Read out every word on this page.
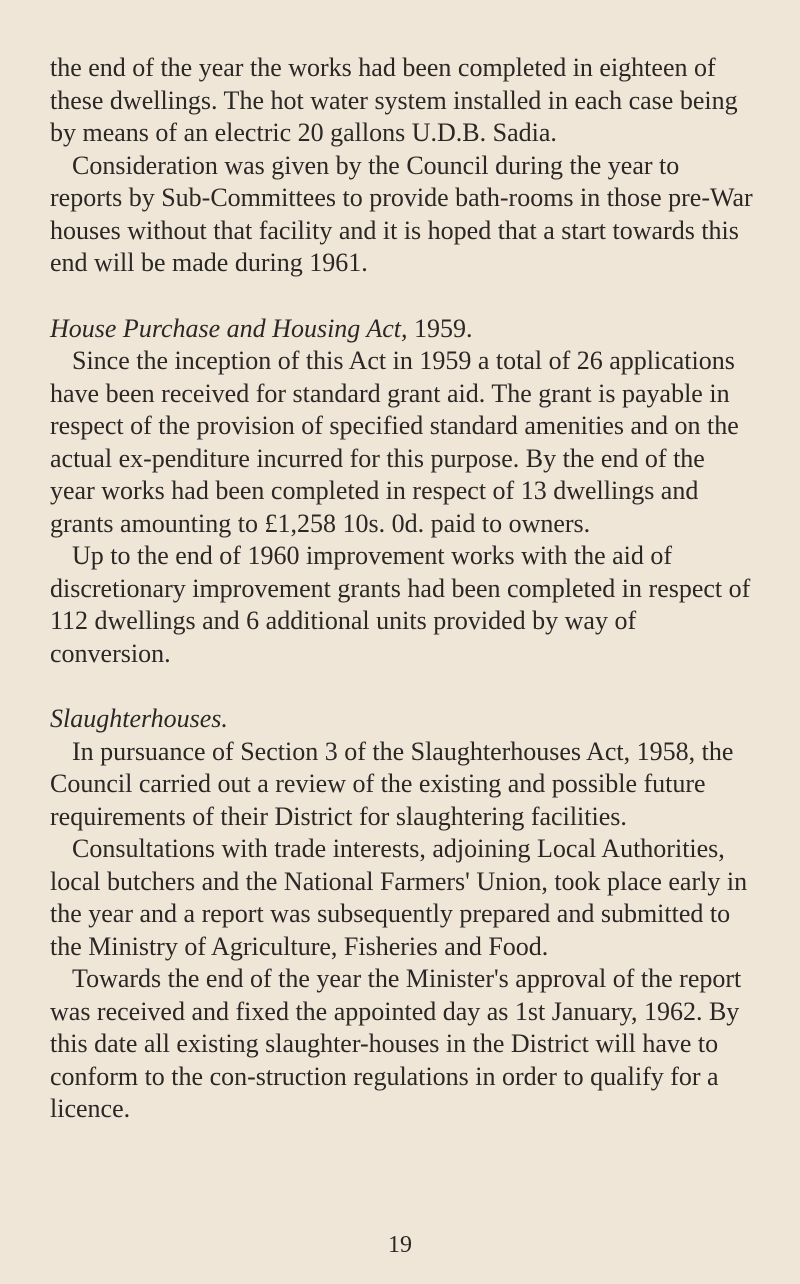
the end of the year the works had been completed in eighteen of these dwellings. The hot water system installed in each case being by means of an electric 20 gallons U.D.B. Sadia.

Consideration was given by the Council during the year to reports by Sub-Committees to provide bath-rooms in those pre-War houses without that facility and it is hoped that a start towards this end will be made during 1961.

House Purchase and Housing Act, 1959.

Since the inception of this Act in 1959 a total of 26 applications have been received for standard grant aid. The grant is payable in respect of the provision of specified standard amenities and on the actual ex-penditure incurred for this purpose. By the end of the year works had been completed in respect of 13 dwellings and grants amounting to £1,258 10s. 0d. paid to owners.

Up to the end of 1960 improvement works with the aid of discretionary improvement grants had been completed in respect of 112 dwellings and 6 additional units provided by way of conversion.

Slaughterhouses.

In pursuance of Section 3 of the Slaughterhouses Act, 1958, the Council carried out a review of the existing and possible future requirements of their District for slaughtering facilities.

Consultations with trade interests, adjoining Local Authorities, local butchers and the National Farmers' Union, took place early in the year and a report was subsequently prepared and submitted to the Ministry of Agriculture, Fisheries and Food.

Towards the end of the year the Minister's approval of the report was received and fixed the appointed day as 1st January, 1962. By this date all existing slaughter-houses in the District will have to conform to the con-struction regulations in order to qualify for a licence.

19
